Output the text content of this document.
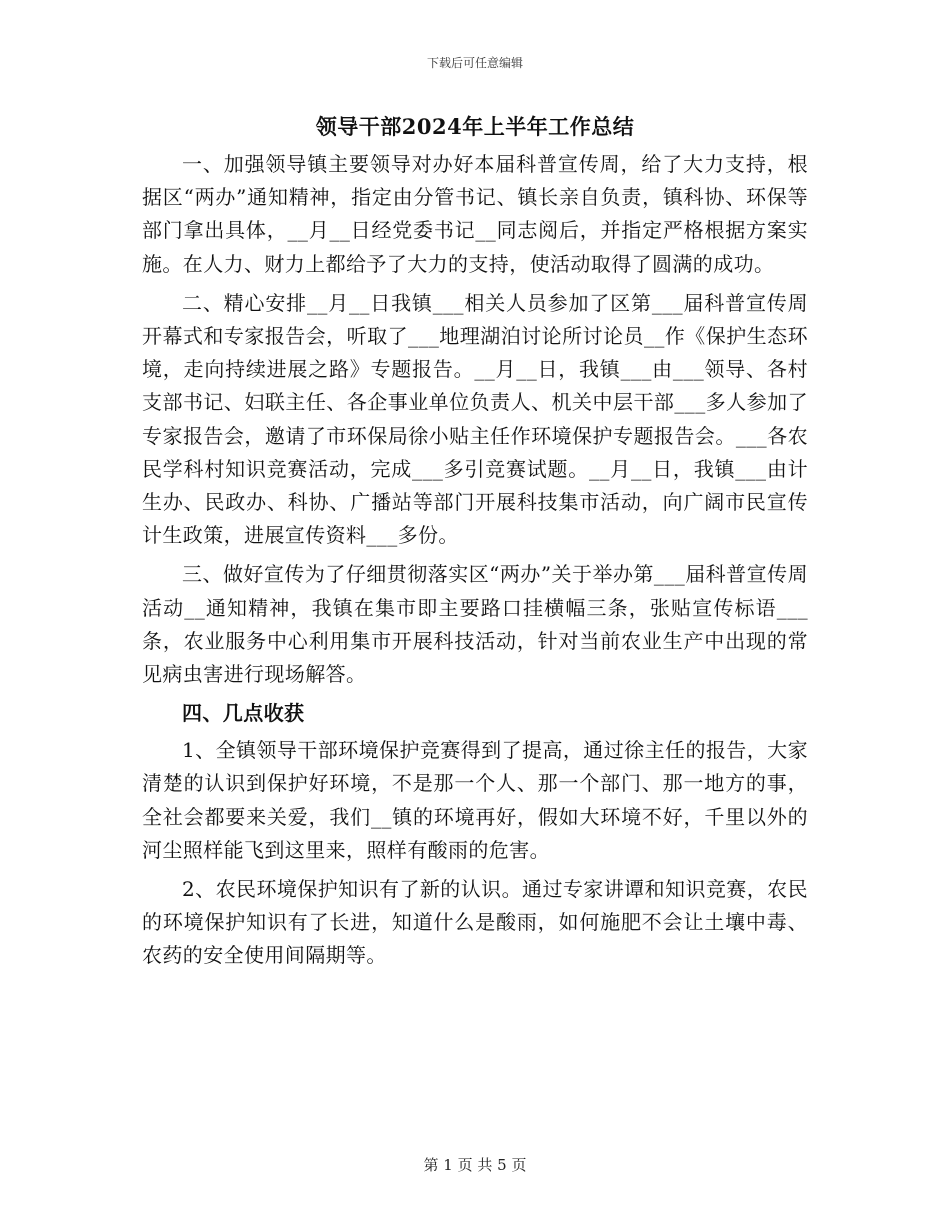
下载后可任意编辑
领导干部2024年上半年工作总结

一、加强领导镇主要领导对办好本届科普宣传周，给了大力支持，根据区“两办”通知精神，指定由分管书记、镇长亲自负责，镇科协、环保等部门拿出具体，__月__日经党委书记__同志阅后，并指定严格根据方案实施。在人力、财力上都给予了大力的支持，使活动取得了圆满的成功。

二、精心安排__月__日我镇___相关人员参加了区第___届科普宣传周开幕式和专家报告会，听取了___地理湖泊讨论所讨论员__作《保护生态环境，走向持续进展之路》专题报告。__月__日，我镇___由___领导、各村支部书记、妇联主任、各企事业单位负责人、机关中层干部___多人参加了专家报告会，邀请了市环保局徐小贴主任作环境保护专题报告会。___各农民学科村知识竞赛活动，完成___多引竞赛试题。__月__日，我镇___由计生办、民政办、科协、广播站等部门开展科技集市活动，向广阔市民宣传计生政策，进展宣传资料___多份。

三、做好宣传为了仔细贯彻落实区“两办”关于举办第___届科普宣传周活动__通知精神，我镇在集市即主要路口挂横幅三条，张贴宣传标语___条，农业服务中心利用集市开展科技活动，针对当前农业生产中出现的常见病虫害进行现场解答。

四、几点收获

1、全镇领导干部环境保护竞赛得到了提高，通过徐主任的报告，大家清楚的认识到保护好环境，不是那一个人、那一个部门、那一地方的事，全社会都要来关爱，我们__镇的环境再好，假如大环境不好，千里以外的河尘照样能飞到这里来，照样有酸雨的危害。

2、农民环境保护知识有了新的认识。通过专家讲谭和知识竞赛，农民的环境保护知识有了长进，知道什么是酸雨，如何施肥不会让土壤中毒、农药的安全使用间隔期等。

第 1 页 共 5 页
